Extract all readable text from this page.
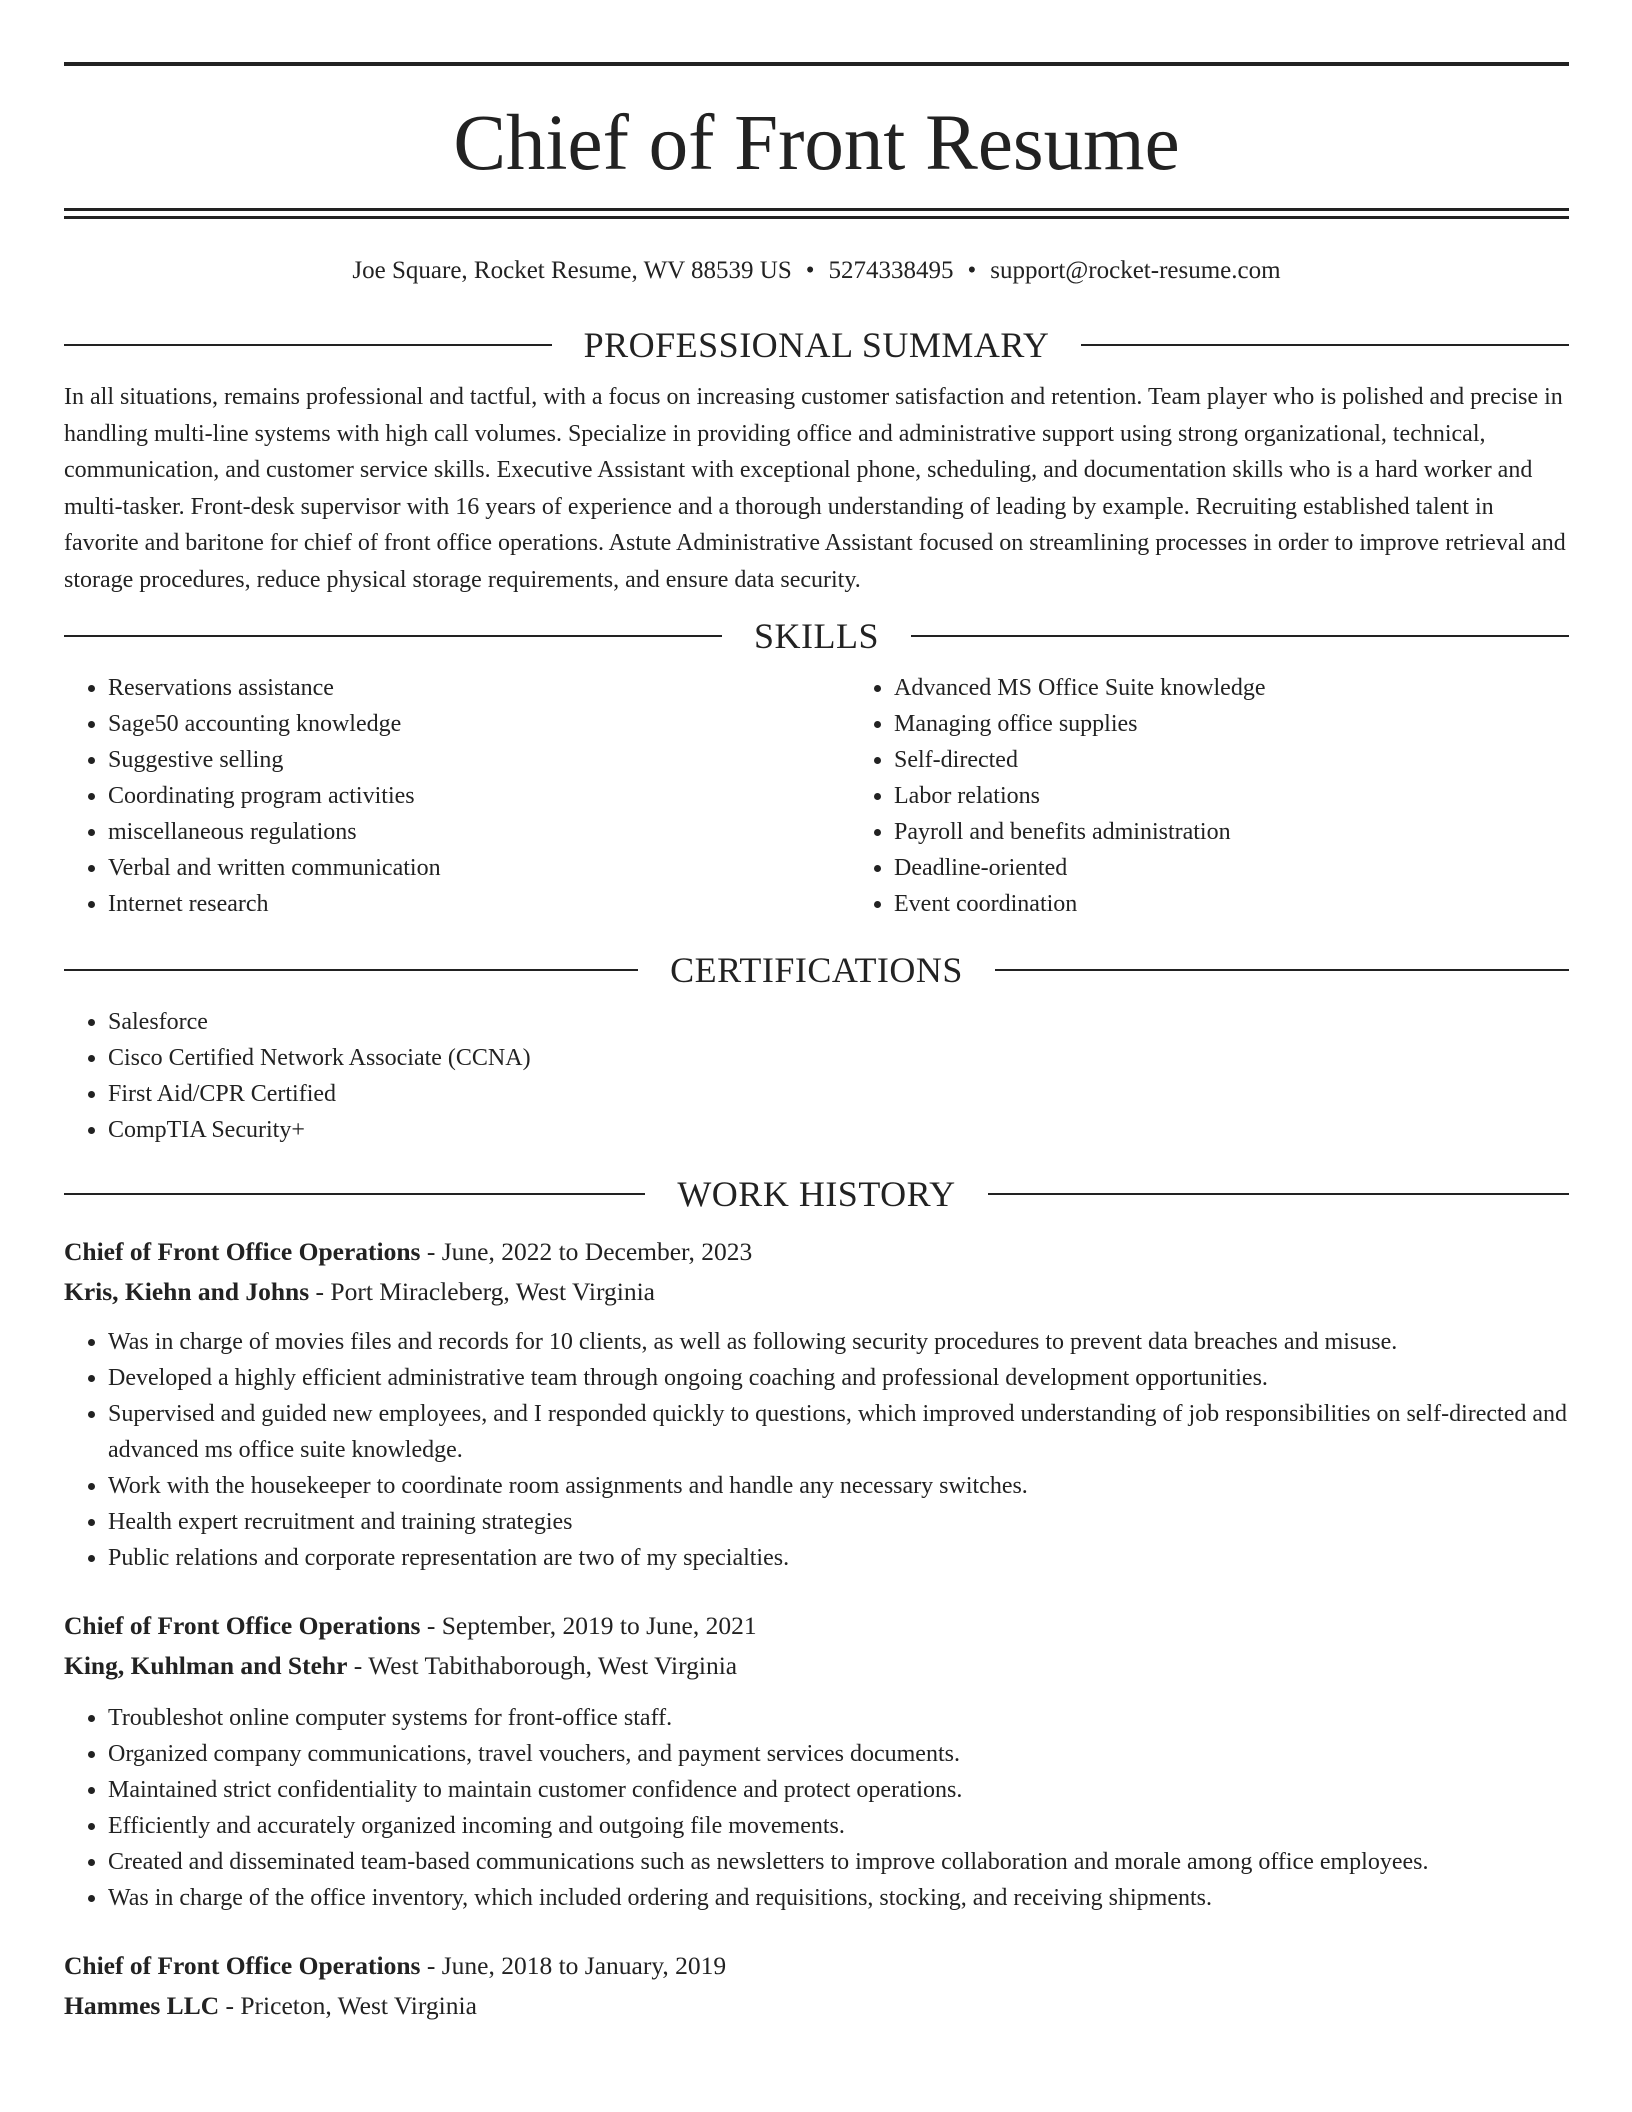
Chief of Front Resume
Joe Square, Rocket Resume, WV 88539 US • 5274338495 • support@rocket-resume.com
PROFESSIONAL SUMMARY

In all situations, remains professional and tactful, with a focus on increasing customer satisfaction and retention. Team player who is polished and precise in handling multi-line systems with high call volumes. Specialize in providing office and administrative support using strong organizational, technical, communication, and customer service skills. Executive Assistant with exceptional phone, scheduling, and documentation skills who is a hard worker and multi-tasker. Front-desk supervisor with 16 years of experience and a thorough understanding of leading by example. Recruiting established talent in favorite and baritone for chief of front office operations. Astute Administrative Assistant focused on streamlining processes in order to improve retrieval and storage procedures, reduce physical storage requirements, and ensure data security.

SKILLS
• Reservations assistance
• Sage50 accounting knowledge
• Suggestive selling
• Coordinating program activities
• miscellaneous regulations
• Verbal and written communication
• Internet research
• Advanced MS Office Suite knowledge
• Managing office supplies
• Self-directed
• Labor relations
• Payroll and benefits administration
• Deadline-oriented
• Event coordination
CERTIFICATIONS
• Salesforce
• Cisco Certified Network Associate (CCNA)
• First Aid/CPR Certified
• CompTIA Security+
WORK HISTORY
Chief of Front Office Operations - June, 2022 to December, 2023
Kris, Kiehn and Johns - Port Miracleberg, West Virginia
• Was in charge of movies files and records for 10 clients, as well as following security procedures to prevent data breaches and misuse.
• Developed a highly efficient administrative team through ongoing coaching and professional development opportunities.
• Supervised and guided new employees, and I responded quickly to questions, which improved understanding of job responsibilities on self-directed and advanced ms office suite knowledge.
• Work with the housekeeper to coordinate room assignments and handle any necessary switches.
• Health expert recruitment and training strategies
• Public relations and corporate representation are two of my specialties.
Chief of Front Office Operations - September, 2019 to June, 2021
King, Kuhlman and Stehr - West Tabithaborough, West Virginia
• Troubleshot online computer systems for front-office staff.
• Organized company communications, travel vouchers, and payment services documents.
• Maintained strict confidentiality to maintain customer confidence and protect operations.
• Efficiently and accurately organized incoming and outgoing file movements.
• Created and disseminated team-based communications such as newsletters to improve collaboration and morale among office employees.
• Was in charge of the office inventory, which included ordering and requisitions, stocking, and receiving shipments.
Chief of Front Office Operations - June, 2018 to January, 2019
Hammes LLC - Priceton, West Virginia
